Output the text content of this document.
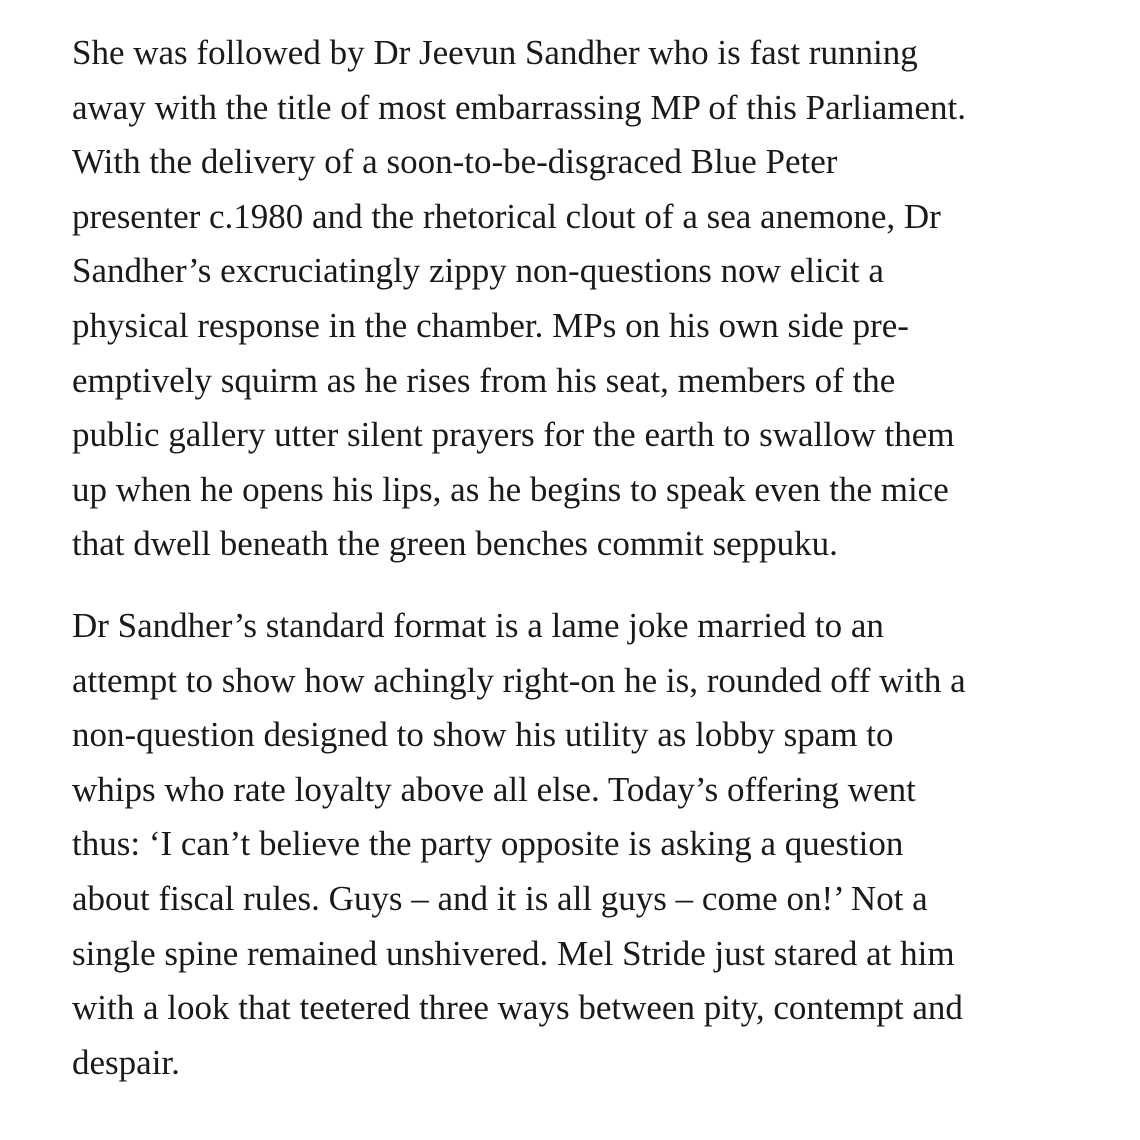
She was followed by Dr Jeevun Sandher who is fast running
away with the title of most embarrassing MP of this Parliament.
With the delivery of a soon-to-be-disgraced Blue Peter
presenter c.1980 and the rhetorical clout of a sea anemone, Dr
Sandher’s excruciatingly zippy non-questions now elicit a
physical response in the chamber. MPs on his own side pre-
emptively squirm as he rises from his seat, members of the
public gallery utter silent prayers for the earth to swallow them
up when he opens his lips, as he begins to speak even the mice
that dwell beneath the green benches commit seppuku.

Dr Sandher’s standard format is a lame joke married to an
attempt to show how achingly right-on he is, rounded off with a
non-question designed to show his utility as lobby spam to
whips who rate loyalty above all else. Today’s offering went
thus: ‘I can’t believe the party opposite is asking a question
about fiscal rules. Guys – and it is all guys – come on!’ Not a
single spine remained unshivered. Mel Stride just stared at him
with a look that teetered three ways between pity, contempt and
despair.
